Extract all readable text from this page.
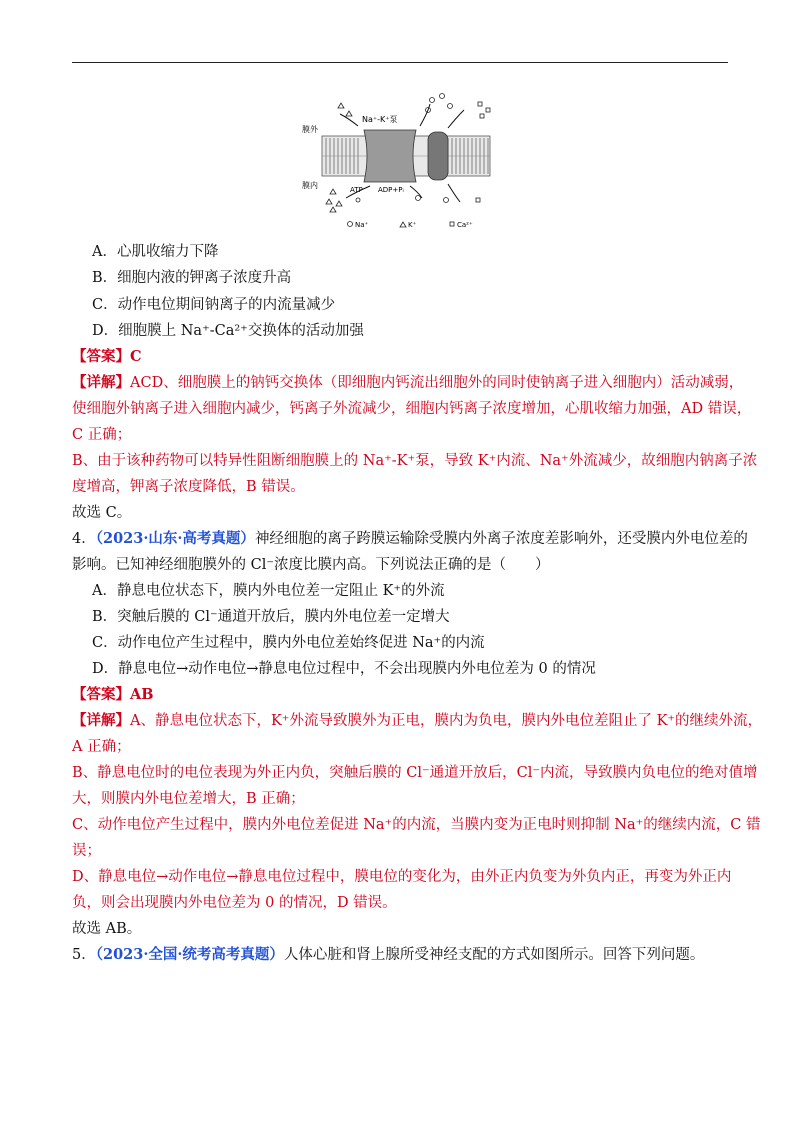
膜外
膜内
Na⁺-K⁺泵
ATP ADP+Pᵢ
Na⁺	K⁺	Ca²⁺
A．心肌收缩力下降
B．细胞内液的钾离子浓度升高
C．动作电位期间钠离子的内流量减少
D．细胞膜上 Na⁺-Ca²⁺交换体的活动加强
【答案】C
【详解】ACD、细胞膜上的钠钙交换体（即细胞内钙流出细胞外的同时使钠离子进入细胞内）活动减弱，
使细胞外钠离子进入细胞内减少，钙离子外流减少，细胞内钙离子浓度增加，心肌收缩力加强，AD 错误，
C 正确；
B、由于该种药物可以特异性阻断细胞膜上的 Na⁺-K⁺泵，导致 K⁺内流、Na⁺外流减少，故细胞内钠离子浓
度增高，钾离子浓度降低，B 错误。
故选 C。
4．（2023·山东·高考真题）神经细胞的离子跨膜运输除受膜内外离子浓度差影响外，还受膜内外电位差的
影响。已知神经细胞膜外的 Cl⁻浓度比膜内高。下列说法正确的是（　　）
A．静息电位状态下，膜内外电位差一定阻止 K⁺的外流
B．突触后膜的 Cl⁻通道开放后，膜内外电位差一定增大
C．动作电位产生过程中，膜内外电位差始终促进 Na⁺的内流
D．静息电位→动作电位→静息电位过程中，不会出现膜内外电位差为 0 的情况
【答案】AB
【详解】A、静息电位状态下，K⁺外流导致膜外为正电，膜内为负电，膜内外电位差阻止了 K⁺的继续外流，
A 正确；
B、静息电位时的电位表现为外正内负，突触后膜的 Cl⁻通道开放后，Cl⁻内流，导致膜内负电位的绝对值增
大，则膜内外电位差增大，B 正确；
C、动作电位产生过程中，膜内外电位差促进 Na⁺的内流，当膜内变为正电时则抑制 Na⁺的继续内流，C 错
误；
D、静息电位→动作电位→静息电位过程中，膜电位的变化为，由外正内负变为外负内正，再变为外正内
负，则会出现膜内外电位差为 0 的情况，D 错误。
故选 AB。
5．（2023·全国·统考高考真题）人体心脏和肾上腺所受神经支配的方式如图所示。回答下列问题。
